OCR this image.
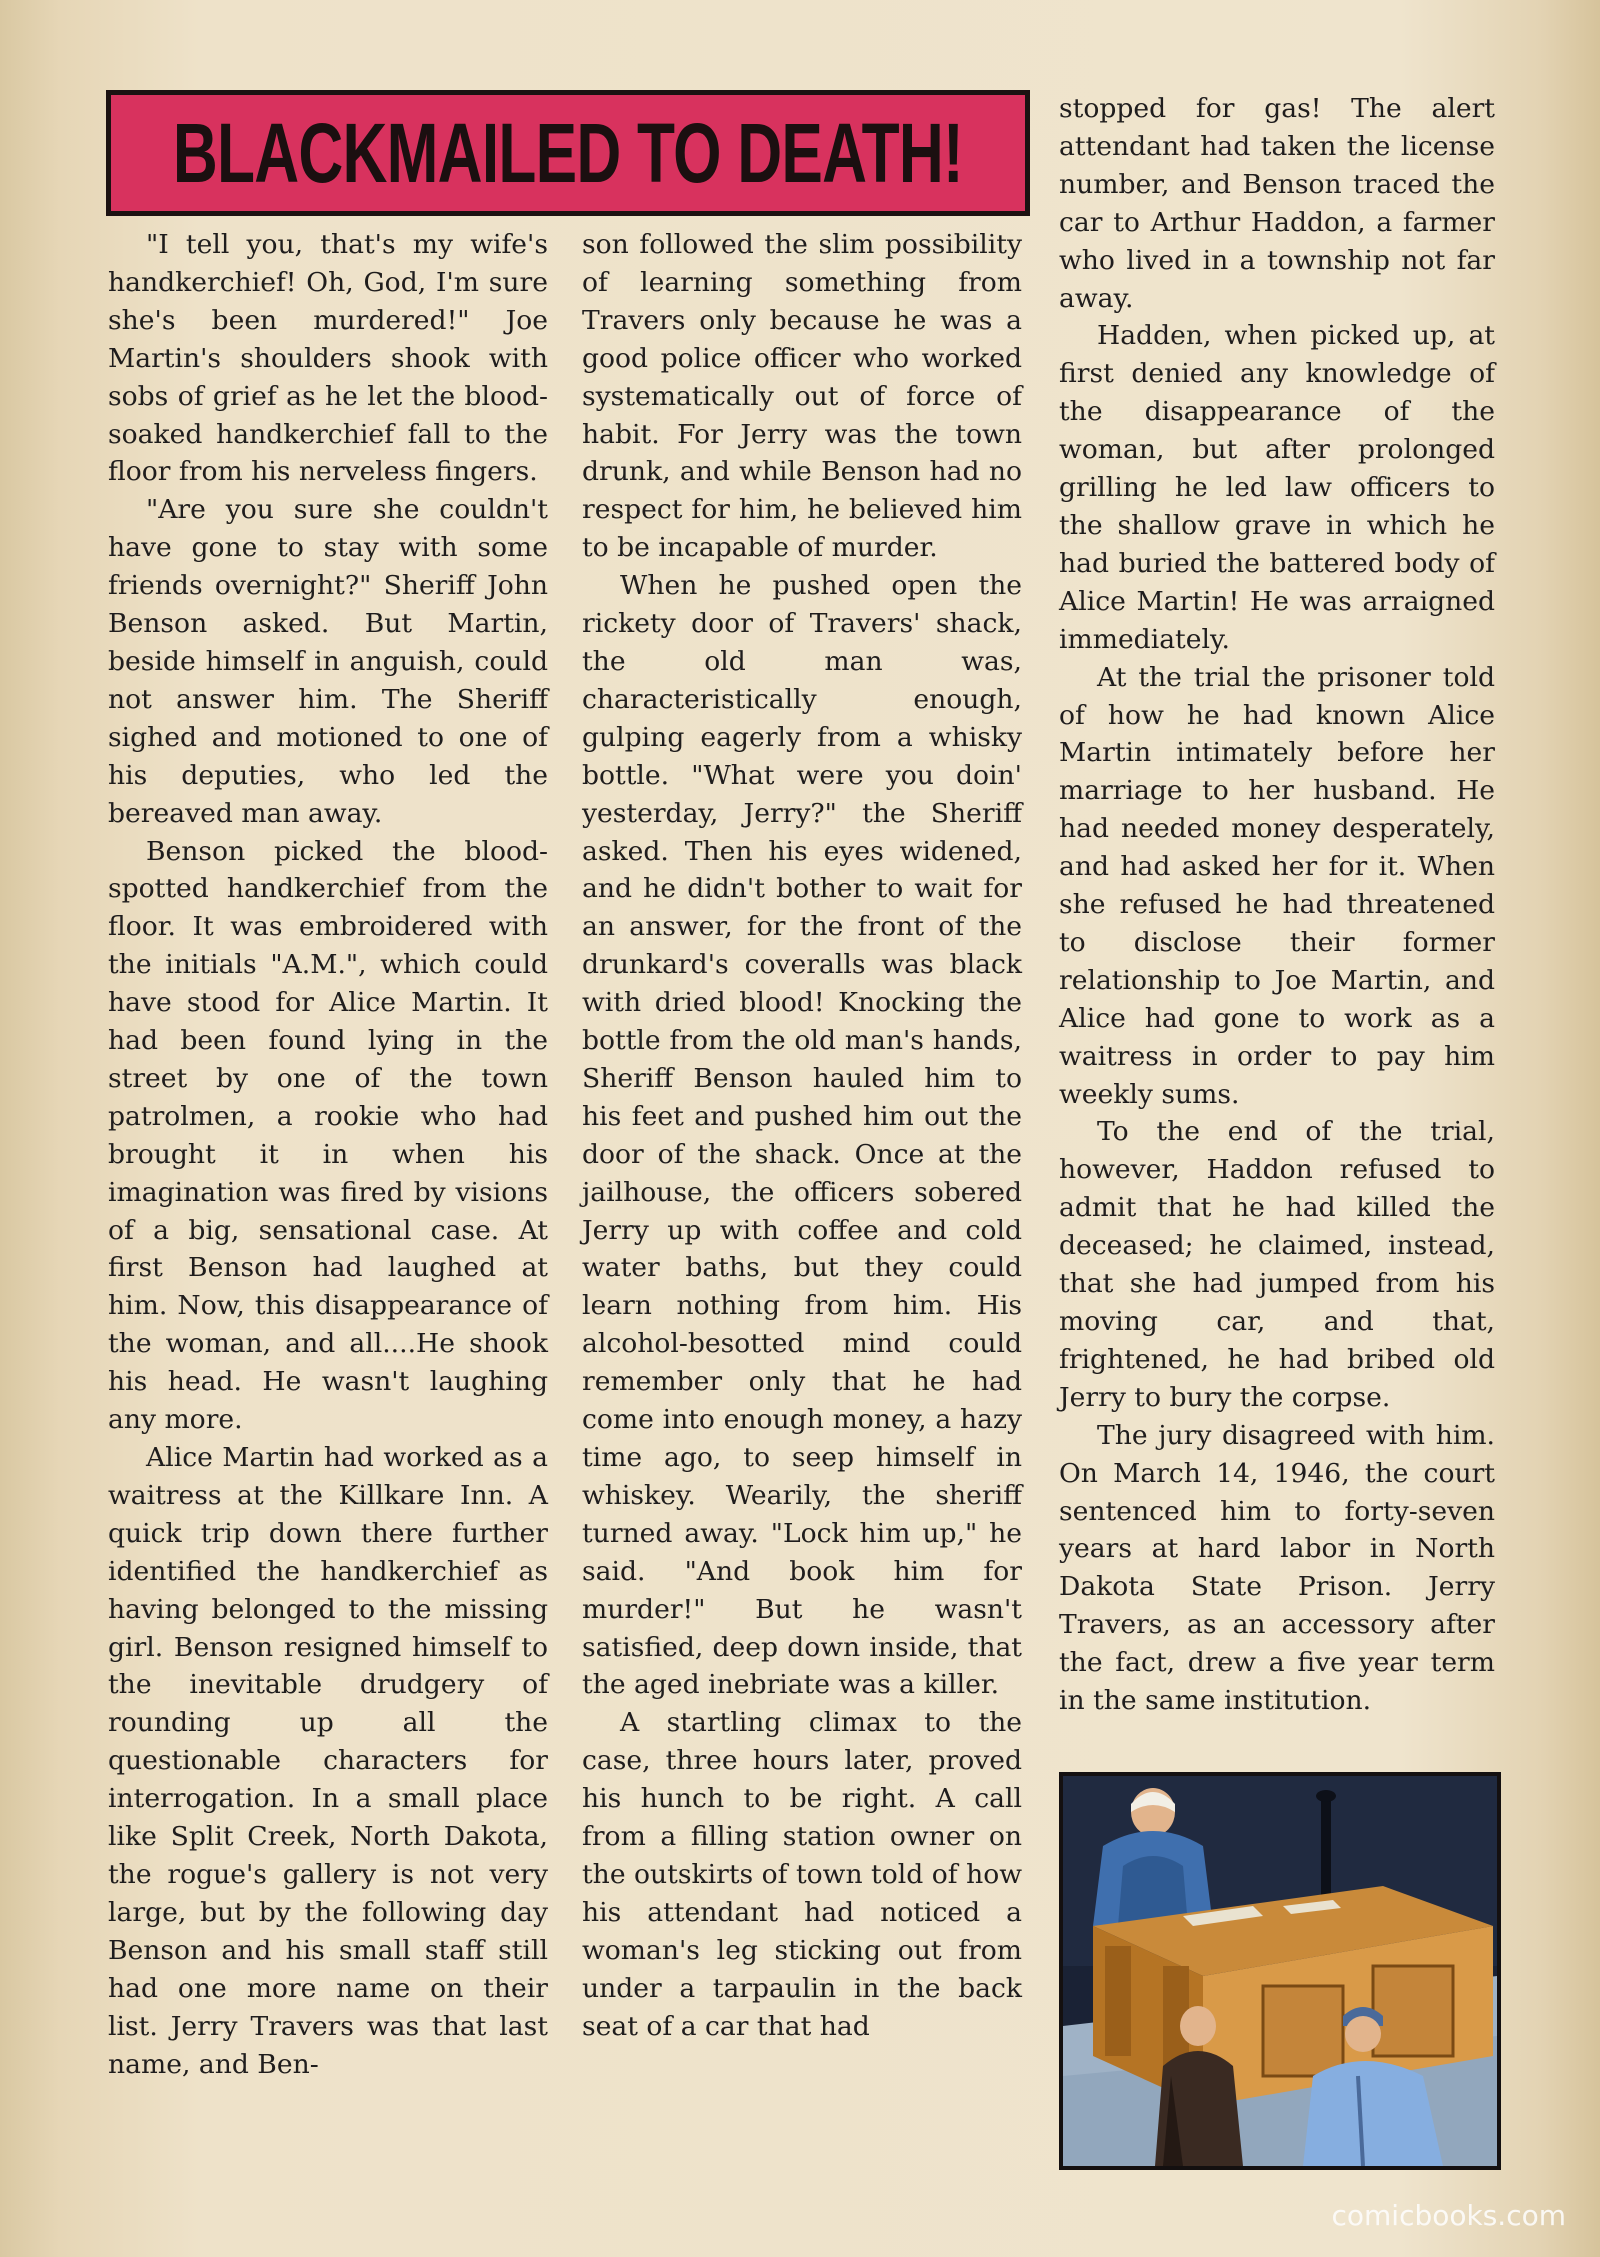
BLACKMAILED TO DEATH!

"I tell you, that's my wife's handkerchief! Oh, God, I'm sure she's been murdered!" Joe Martin's shoulders shook with sobs of grief as he let the blood-soaked handkerchief fall to the floor from his nerveless fingers.

"Are you sure she couldn't have gone to stay with some friends overnight?" Sheriff John Benson asked. But Martin, beside himself in anguish, could not answer him. The Sheriff sighed and motioned to one of his deputies, who led the bereaved man away.

Benson picked the blood-spotted handkerchief from the floor. It was embroidered with the initials "A.M.", which could have stood for Alice Martin. It had been found lying in the street by one of the town patrolmen, a rookie who had brought it in when his imagination was fired by visions of a big, sensational case. At first Benson had laughed at him. Now, this disappearance of the woman, and all....He shook his head. He wasn't laughing any more.

Alice Martin had worked as a waitress at the Killkare Inn. A quick trip down there further identified the handkerchief as having belonged to the missing girl. Benson resigned himself to the inevitable drudgery of rounding up all the questionable characters for interrogation. In a small place like Split Creek, North Dakota, the rogue's gallery is not very large, but by the following day Benson and his small staff still had one more name on their list. Jerry Travers was that last name, and Ben-

son followed the slim possibility of learning something from Travers only because he was a good police officer who worked systematically out of force of habit. For Jerry was the town drunk, and while Benson had no respect for him, he believed him to be incapable of murder.

When he pushed open the rickety door of Travers' shack, the old man was, characteristically enough, gulping eagerly from a whisky bottle. "What were you doin' yesterday, Jerry?" the Sheriff asked. Then his eyes widened, and he didn't bother to wait for an answer, for the front of the drunkard's coveralls was black with dried blood! Knocking the bottle from the old man's hands, Sheriff Benson hauled him to his feet and pushed him out the door of the shack. Once at the jailhouse, the officers sobered Jerry up with coffee and cold water baths, but they could learn nothing from him. His alcohol-besotted mind could remember only that he had come into enough money, a hazy time ago, to seep himself in whiskey. Wearily, the sheriff turned away. "Lock him up," he said. "And book him for murder!" But he wasn't satisfied, deep down inside, that the aged inebriate was a killer.

A startling climax to the case, three hours later, proved his hunch to be right. A call from a filling station owner on the outskirts of town told of how his attendant had noticed a woman's leg sticking out from under a tarpaulin in the back seat of a car that had

stopped for gas! The alert attendant had taken the license number, and Benson traced the car to Arthur Haddon, a farmer who lived in a township not far away.

Hadden, when picked up, at first denied any knowledge of the disappearance of the woman, but after prolonged grilling he led law officers to the shallow grave in which he had buried the battered body of Alice Martin! He was arraigned immediately.

At the trial the prisoner told of how he had known Alice Martin intimately before her marriage to her husband. He had needed money desperately, and had asked her for it. When she refused he had threatened to disclose their former relationship to Joe Martin, and Alice had gone to work as a waitress in order to pay him weekly sums.

To the end of the trial, however, Haddon refused to admit that he had killed the deceased; he claimed, instead, that she had jumped from his moving car, and that, frightened, he had bribed old Jerry to bury the corpse.

The jury disagreed with him. On March 14, 1946, the court sentenced him to forty-seven years at hard labor in North Dakota State Prison. Jerry Travers, as an accessory after the fact, drew a five year term in the same institution.

comicbooks.com
